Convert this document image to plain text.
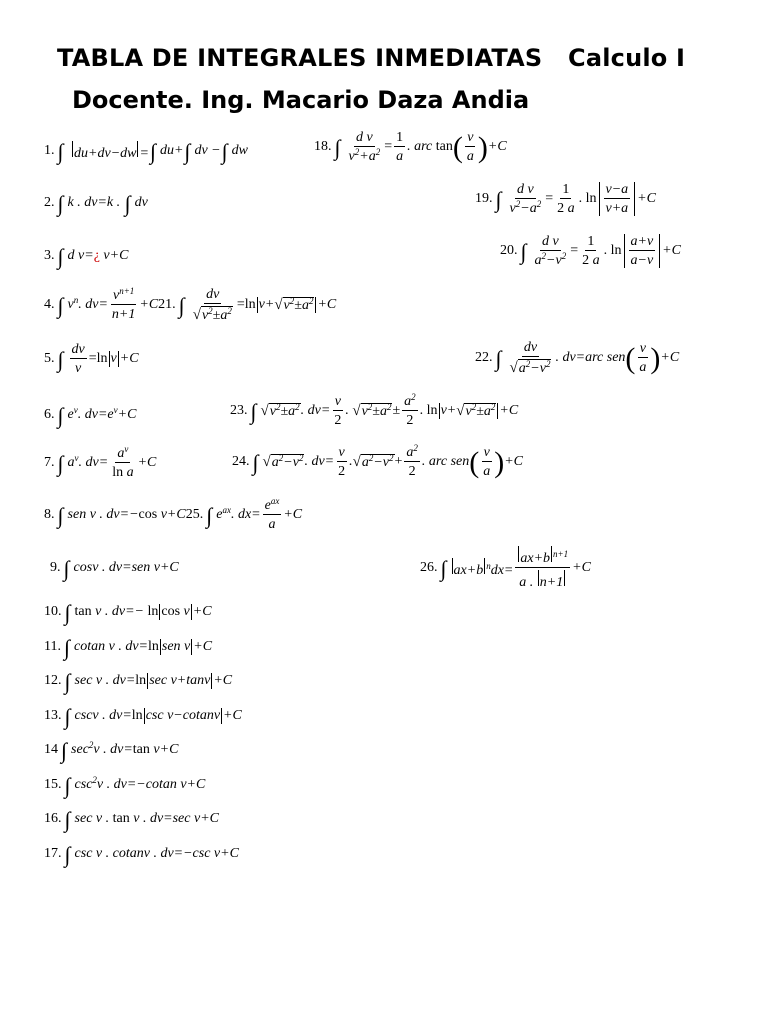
TABLA DE INTEGRALES INMEDIATAS   Calculo I
Docente. Ing. Macario Daza Andia
1. ∫ du+dv−dw = ∫ du+ ∫ dv − ∫ dw	18. ∫ $\frac{\text{d v}}{v^2+a^2} = \frac{1}{a}$ . arc
tan ( $\frac{v}{a}$ ) +C
2. ∫ k . dv=k .
∫ dv	19. ∫ $\frac{\text{d v}}{v^2-a^2} = \frac{1}{2 a}$ . $\ln \frac{v-a}{v+a} +C$
3. ∫ d v= ¿
v+C	20. ∫ $\frac{\text{d v}}{a^2-v^2} = \frac{1}{2 a}$ . $\ln \frac{a+v}{a-v} +C$
4. ∫ $v^n$. $dv= \frac{v^{n+1}}{n+1} +C$ 21. ∫ $\frac{dv}{√ v^2\pm a^2} = \ln v+$ √ $v^2\pm a^2 +C$
5. ∫ $\frac{dv}{v} = \ln v +C$	22. ∫ $\frac{dv}{√ a^2-v^2}$ . dv=arc sen ( $\frac{v}{a}$ ) +C
6. ∫ $e^v$. $dv=e^v+C$	23. ∫ √ $v^2\pm a^2$ . $dv= \frac{v}{2}$ .
√ $v^2\pm a^2 \pm \frac{a^2}{2}$ . ln v+ √ $v^2\pm a^2 +C$
7. ∫ $a^v$. $dv= \frac{a^v}{\text{ln a}} +C$	24. ∫ √ $a^2-v^2$ . $dv= \frac{v}{2}$ . √ $a^2-v^2 + \frac{a^2}{2}$ . arc sen ( $\frac{v}{a}$ ) +C
8. ∫ sen v . dv=− cos
v+C 25. ∫ $e^{ax}$. $dx= \frac{e^{ax}}{a} +C$
9. ∫ cosv . dv=sen v+C	26. ∫ ax+b $^ndx= \frac{ax+b ^{n+1}}{a . n+1} +C$
10. ∫ tan
v . dv=−
ln cos
v +C
11. ∫ cotan v . dv= ln sen v +C
12. ∫ sec v . dv= ln sec v+tanv +C
13. ∫ cscv . dv= ln csc v−cotanv +C
14 ∫ $\sec^2v$ . dv= tan
v+C
15. ∫ $\csc^2v$ . dv=−cotan v+C
16. ∫ sec v .
tan
v . dv=sec v+C
17. ∫ csc v . cotanv . dv=−csc v+C
